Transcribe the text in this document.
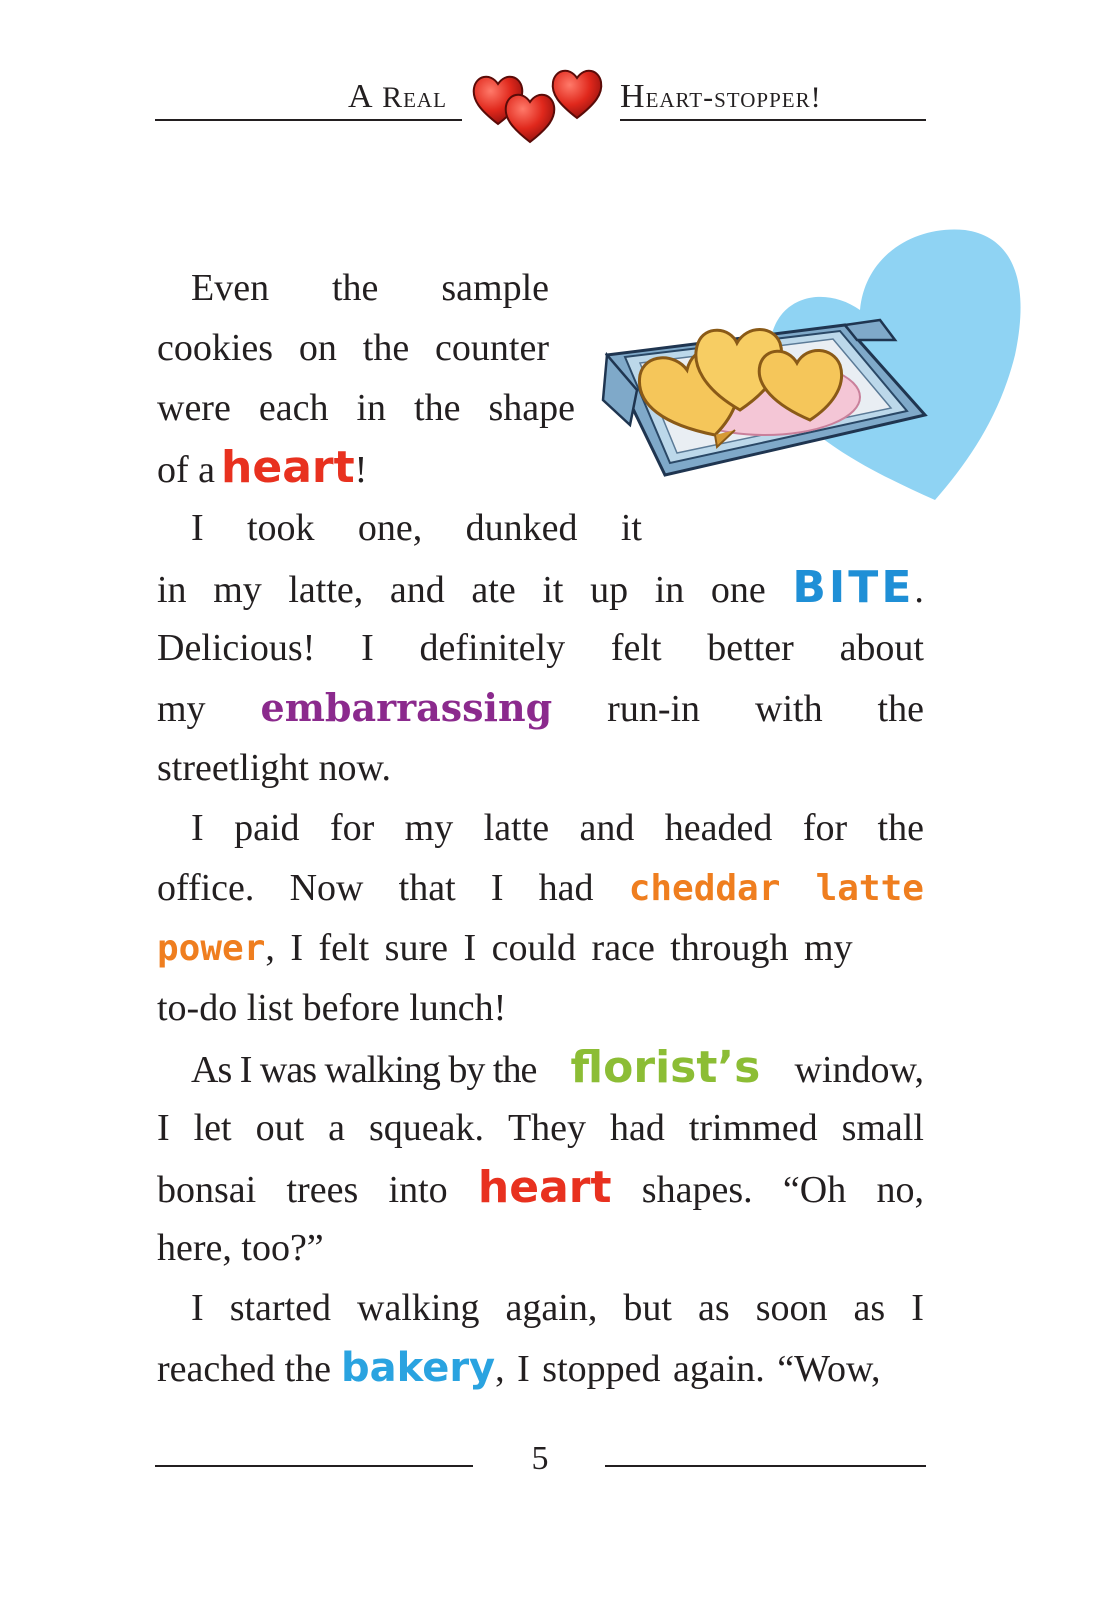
A Real	Heart-stopper!
Even the sample
cookies on the counter
were each in the shape
of a heart!
I took one, dunked it
in my latte, and ate it up in one BITE.
Delicious! I definitely felt better about
my embarrassing run-in with the
streetlight now.
I paid for my latte and headed for the
office. Now that I had cheddar latte
power , I felt sure I could race through my
to-do list before lunch!
As I was walking by the florist’s window,
I let out a squeak. They had trimmed small
bonsai trees into heart shapes. “Oh no,
here, too?”
I started walking again, but as soon as I
reached the bakery , I stopped again. “Wow,
5
